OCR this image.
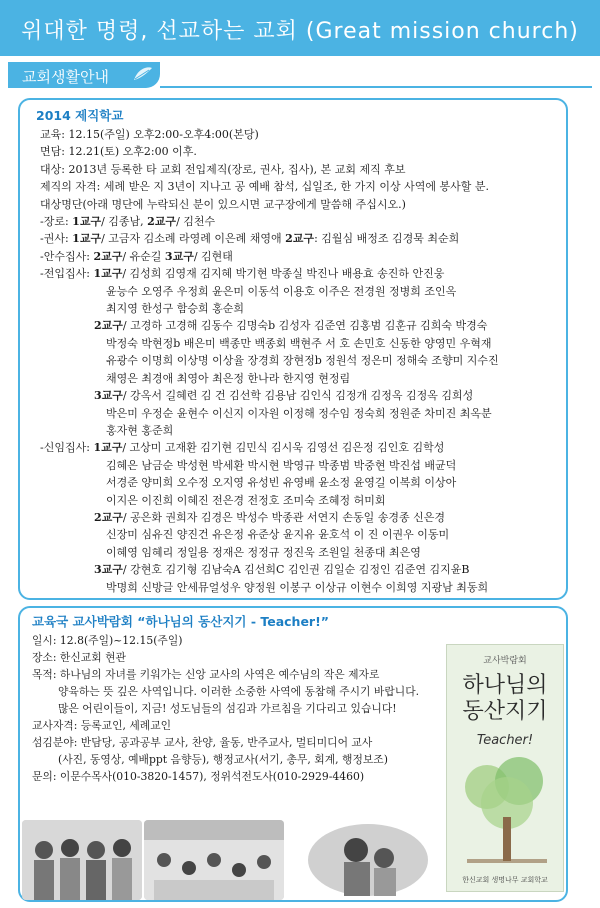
위대한 명령, 선교하는 교회 (Great mission church)
교회생활안내
2014 제직학교
교육: 12.15(주일) 오후2:00-오후4:00(본당)
면담: 12.21(토) 오후2:00 이후.
대상: 2013년 등록한 타 교회 전입제직(장로, 권사, 집사), 본 교회 제직 후보
제직의 자격: 세례 받은 지 3년이 지나고 공 예배 참석, 십일조, 한 가지 이상 사역에 봉사할 분.
대상명단(아래 명단에 누락되신 분이 있으시면 교구장에게 말씀해 주십시오.)
-장로: 1교구/ 김종남, 2교구/ 김천수
-권사: 1교구/ 고금자 김소례 라영례 이은례 채영애 2교구: 김월심 배정조 김경묵 최순희
-안수집사: 2교구/ 유순길 3교구/ 김현태
-전입집사: 1교구/ 김성희 김영재 김지혜 박기현 박종실 박진나 배용효 송진하 안진웅
윤능수 오영주 우정희 윤은미 이동석 이용호 이주은 전경원 정병희 조인옥
최지영 한성구 함승희 홍순희
2교구/ 고경하 고경해 김동수 김명숙b 김성자 김준연 김홍범 김훈규 김희숙 박경숙
박정숙 박현정b 배은미 백종만 백종회 백현주 서 호 손민호 신동한 양영민 우혁재
유광수 이명희 이상명 이상율 장경희 장현정b 정원석 정은미 정해숙 조향미 지수진
채영은 최경애 최영아 최은정 한나라 한지영 현정림
3교구/ 강옥서 길혜련 김 건 김선학 김용남 김인식 김정개 김정옥 김정옥 김희성
박은미 우정순 윤현수 이신지 이자원 이정해 정수임 정숙희 정원준 차미진 최옥분
홍자현 홍준희
-신임집사: 1교구/ 고상미 고재환 김기현 김민식 김시욱 김영선 김은정 김인호 김학성
김혜은 남금순 박성현 박세환 박시현 박영규 박종범 박중현 박진섭 배균덕
서경준 양미희 오수정 오지영 유성빈 유영배 윤소정 윤영길 이복희 이상아
이지은 이진희 이혜진 전은경 전정호 조미숙 조혜정 허미회
2교구/ 공은화 권희자 김경은 박성수 박종관 서연지 손동일 송경종 신은경
신장미 심유진 양진건 유은정 유준상 윤지유 윤호석 이 진 이권우 이동미
이혜영 임혜리 정일용 정재은 정정규 정진욱 조원일 천종대 최은영
3교구/ 강현호 김기형 김남숙A 김선희C 김인권 김일순 김정인 김준연 김지윤B
박명희 신방글 안세뮤얼성우 양정원 이봉구 이상규 이현수 이희영 지광남 최동희
교육국 교사박람회 “하나님의 동산지기 - Teacher!”
일시: 12.8(주일)~12.15(주일)
장소: 한신교회 현관
목적: 하나님의 자녀를 키워가는 신앙 교사의 사역은 예수님의 작은 제자로
양육하는 뜻 깊은 사역입니다. 이러한 소중한 사역에 동참해 주시기 바랍니다.
많은 어린이들이, 지금! 성도님들의 섬김과 가르침을 기다리고 있습니다!
교사자격: 등록교인, 세례교인
섬김분야: 반담당, 공과공부 교사, 찬양, 율동, 반주교사, 멀티미디어 교사
(사진, 동영상, 예배ppt 음향등), 행정교사(서기, 총무, 회계, 행정보조)
문의: 이문수목사(010-3820-1457), 정위석전도사(010-2929-4460)
교사박람회
하나님의 동산지기
Teacher!
한신교회 생명나무 교회학교
